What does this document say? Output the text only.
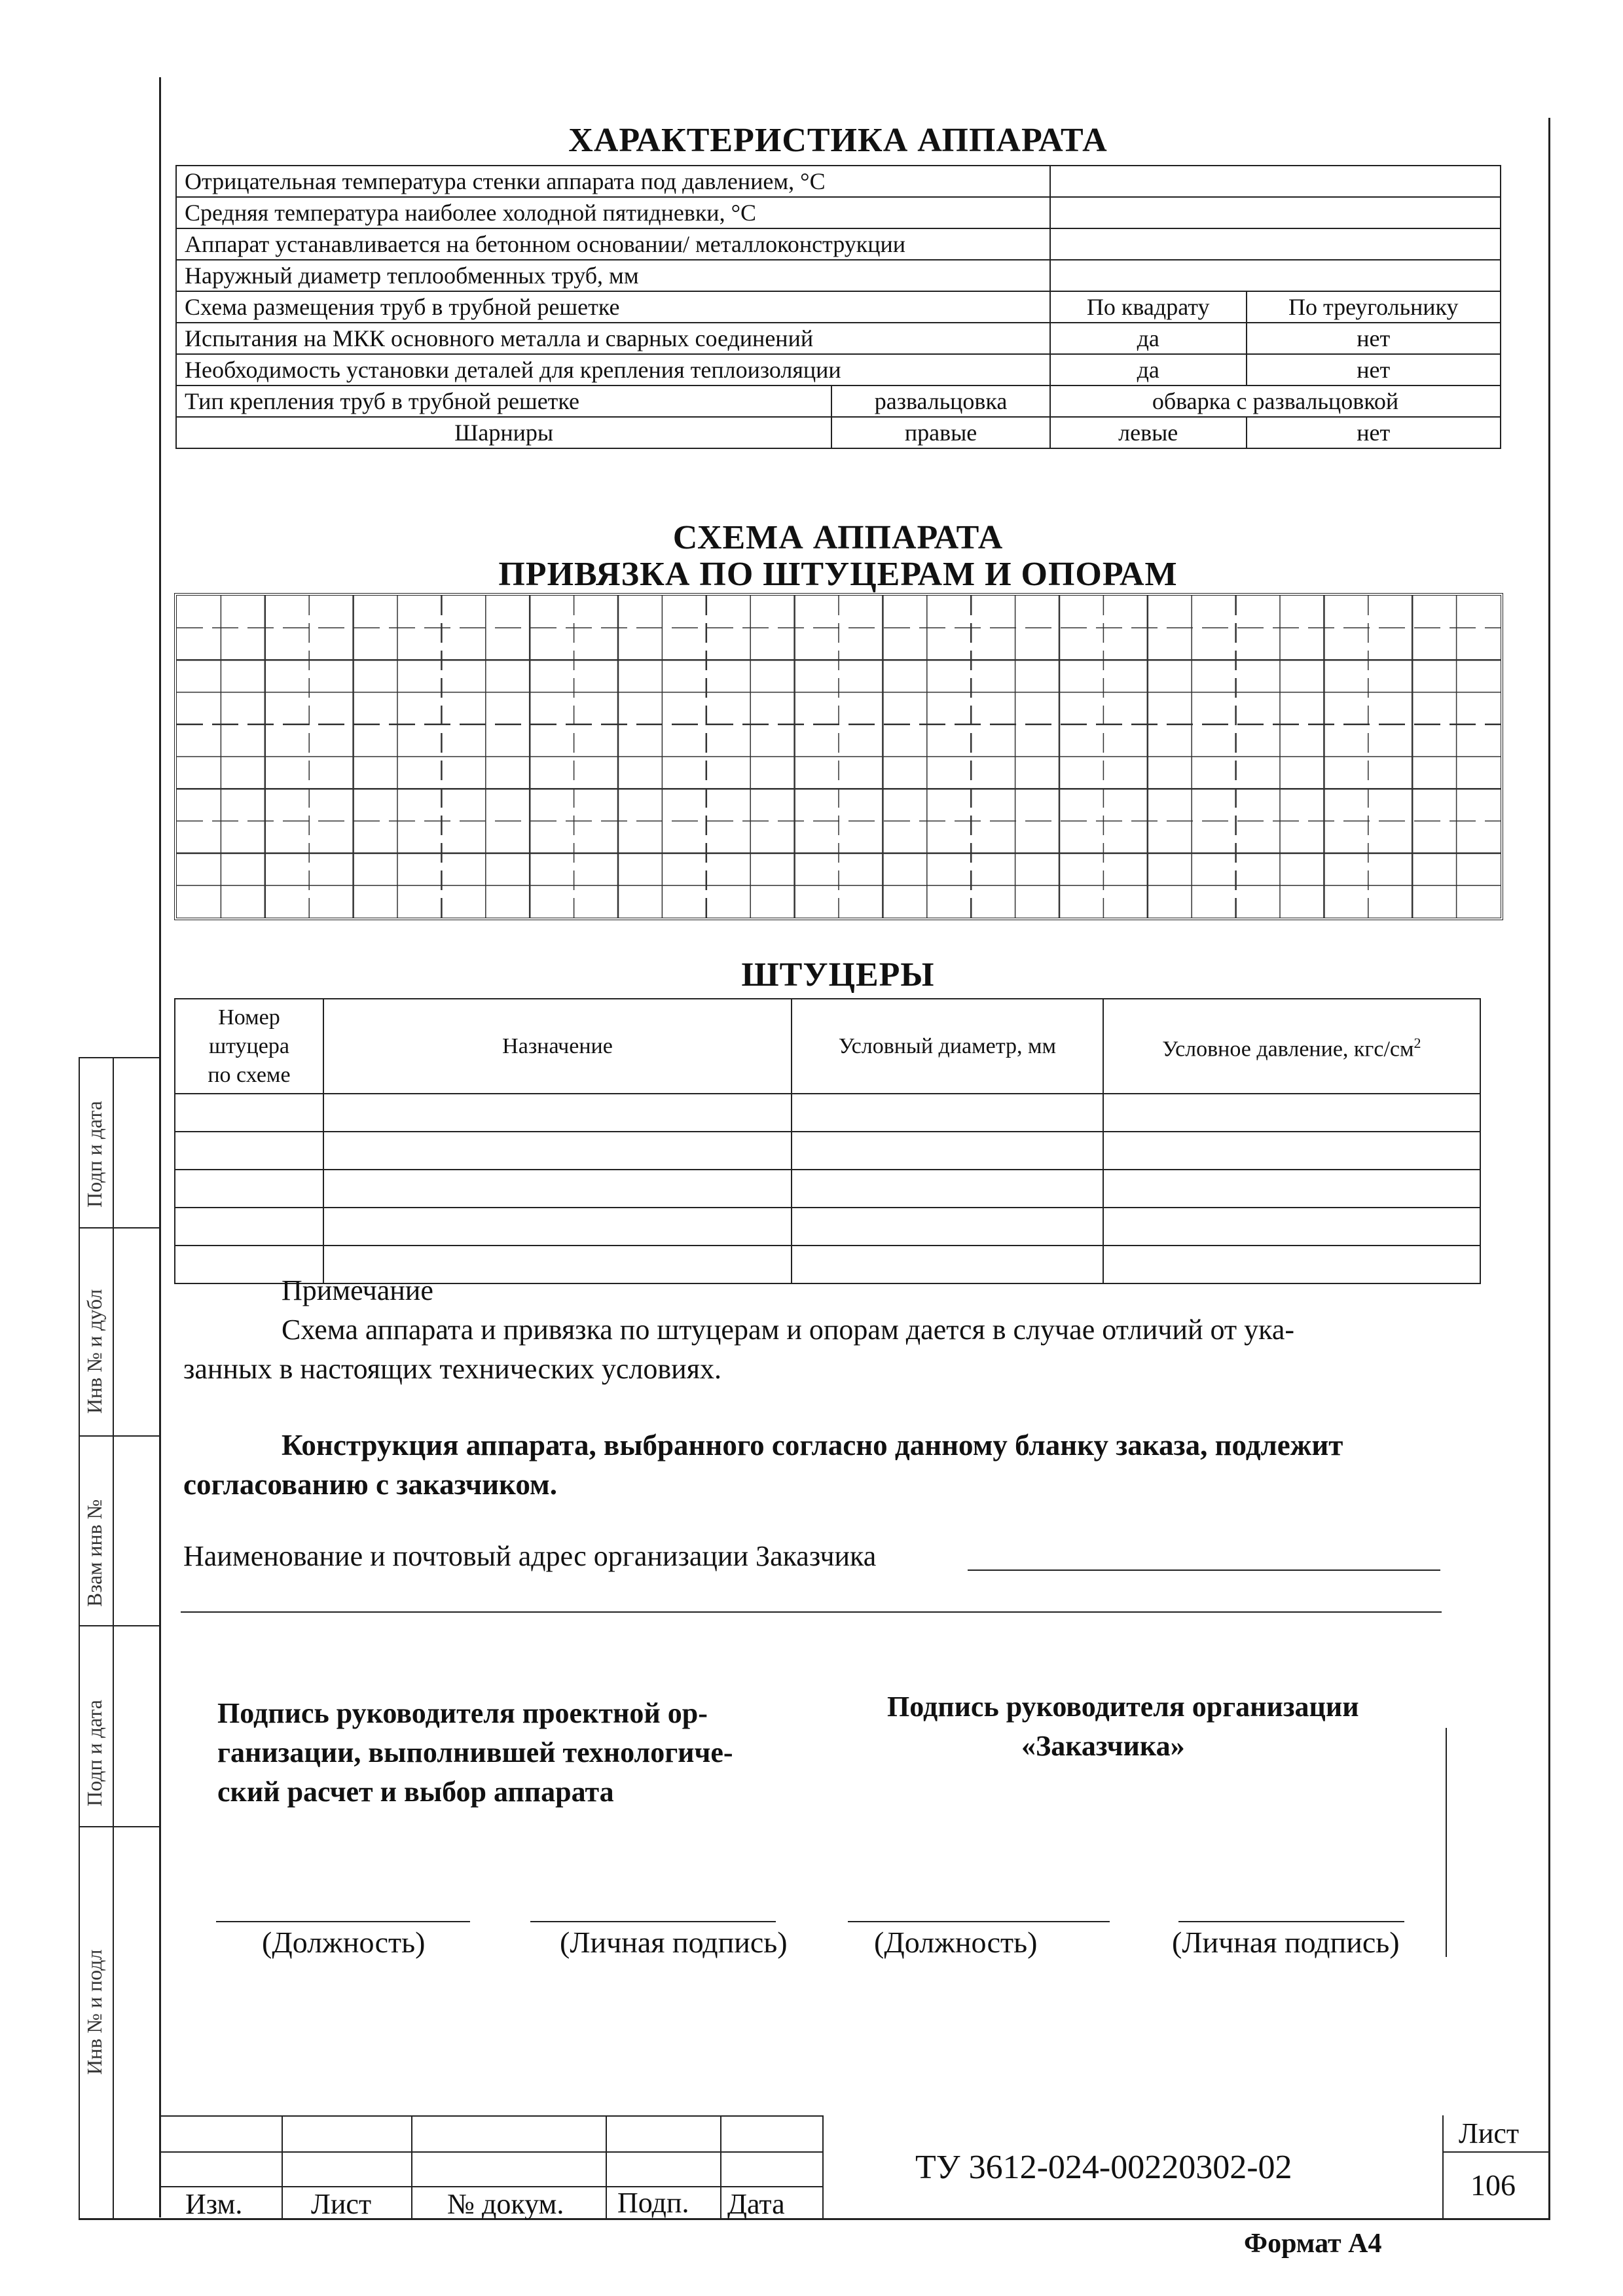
ХАРАКТЕРИСТИКА АППАРАТА
Отрицательная температура стенки аппарата под давлением, °С			
Средняя температура наиболее холодной пятидневки, °С			
Аппарат устанавливается на бетонном основании/ металлоконструкции			
Наружный диаметр теплообменных труб, мм			
Схема размещения труб в трубной решетке		По квадрату	По треугольнику
Испытания на МКК основного металла и сварных соединений		да	нет
Необходимость установки деталей для крепления теплоизоляции		да	нет
Тип крепления труб в трубной решетке	развальцовка	обварка с развальцовкой	
Шарниры	правые	левые	нет
СХЕМА АППАРАТА
ПРИВЯЗКА ПО ШТУЦЕРАМ И ОПОРАМ
ШТУЦЕРЫ
Номер штуцера по схеме	Назначение	Условный диаметр, мм	Условное давление, кгс/$см^2$

Примечание
Схема аппарата и привязка по штуцерам и опорам дается в случае отличий от ука-
занных в настоящих технических условиях.
Конструкция аппарата, выбранного согласно данному бланку заказа, подлежит
согласованию с заказчиком.
Наименование и почтовый адрес организации Заказчика
Подпись руководителя проектной ор-
ганизации, выполнившей технологиче-
ский расчет и выбор аппарата
Подпись руководителя организации
«Заказчика»
(Должность)	(Личная подпись)	(Должность)	(Личная подпись)
Подп и дата
Инв № и дубл
Взам инв №
Подп и дата
Инв № и подл
Изм. Лист	№ докум. Подп. Дата
ТУ 3612-024-00220302-02
Лист
106
Формат А4
